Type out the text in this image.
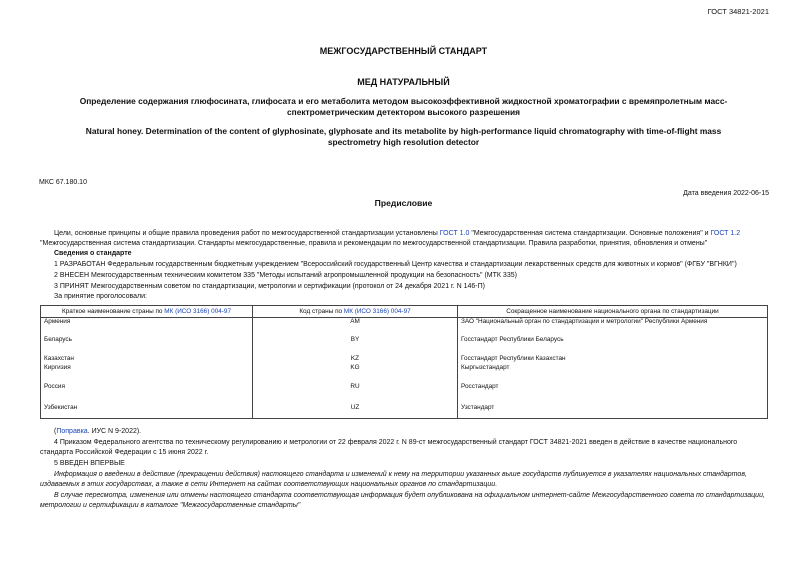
ГОСТ 34821-2021
МЕЖГОСУДАРСТВЕННЫЙ СТАНДАРТ
МЕД НАТУРАЛЬНЫЙ
Определение содержания глюфосината, глифосата и его метаболита методом высокоэффективной жидкостной хроматографии с времяпролетным масс-спектрометрическим детектором высокого разрешения
Natural honey. Determination of the content of glyphosinate, glyphosate and its metabolite by high-performance liquid chromatography with time-of-flight mass spectrometry high resolution detector
МКС 67.180.10
Дата введения 2022-06-15
Предисловие
Цели, основные принципы и общие правила проведения работ по межгосударственной стандартизации установлены ГОСТ 1.0 "Межгосударственная система стандартизации. Основные положения" и ГОСТ 1.2 "Межгосударственная система стандартизации. Стандарты межгосударственные, правила и рекомендации по межгосударственной стандартизации. Правила разработки, принятия, обновления и отмены"
Сведения о стандарте
1 РАЗРАБОТАН Федеральным государственным бюджетным учреждением "Всероссийский государственный Центр качества и стандартизации лекарственных средств для животных и кормов" (ФГБУ "ВГНКИ")
2 ВНЕСЕН Межгосударственным техническим комитетом 335 "Методы испытаний агропромышленной продукции на безопасность" (МТК 335)
3 ПРИНЯТ Межгосударственным советом по стандартизации, метрологии и сертификации (протокол от 24 декабря 2021 г. N 146-П)
За принятие проголосовали:
Краткое наименование страны по МК (ИСО 3166) 004-97	Код страны по МК (ИСО 3166) 004-97	Сокращенное наименование национального органа по стандартизации
Армения	AM	ЗАО "Национальный орган по стандартизации и метрологии" Республики Армения
Беларусь	BY	Госстандарт Республики Беларусь
Казахстан	KZ	Госстандарт Республики Казахстан
Киргизия	KG	Кыргызстандарт
Россия	RU	Росстандарт
Узбекистан	UZ	Узстандарт
(Поправка. ИУС N 9-2022).
4 Приказом Федерального агентства по техническому регулированию и метрологии от 22 февраля 2022 г. N 89-ст межгосударственный стандарт ГОСТ 34821-2021 введен в действие в качестве национального стандарта Российской Федерации с 15 июня 2022 г.
5 ВВЕДЕН ВПЕРВЫЕ
Информация о введении в действие (прекращении действия) настоящего стандарта и изменений к нему на территории указанных выше государств публикуется в указателях национальных стандартов, издаваемых в этих государствах, а также в сети Интернет на сайтах соответствующих национальных органов по стандартизации.
В случае пересмотра, изменения или отмены настоящего стандарта соответствующая информация будет опубликована на официальном интернет-сайте Межгосударственного совета по стандартизации, метрологии и сертификации в каталоге "Межгосударственные стандарты"
